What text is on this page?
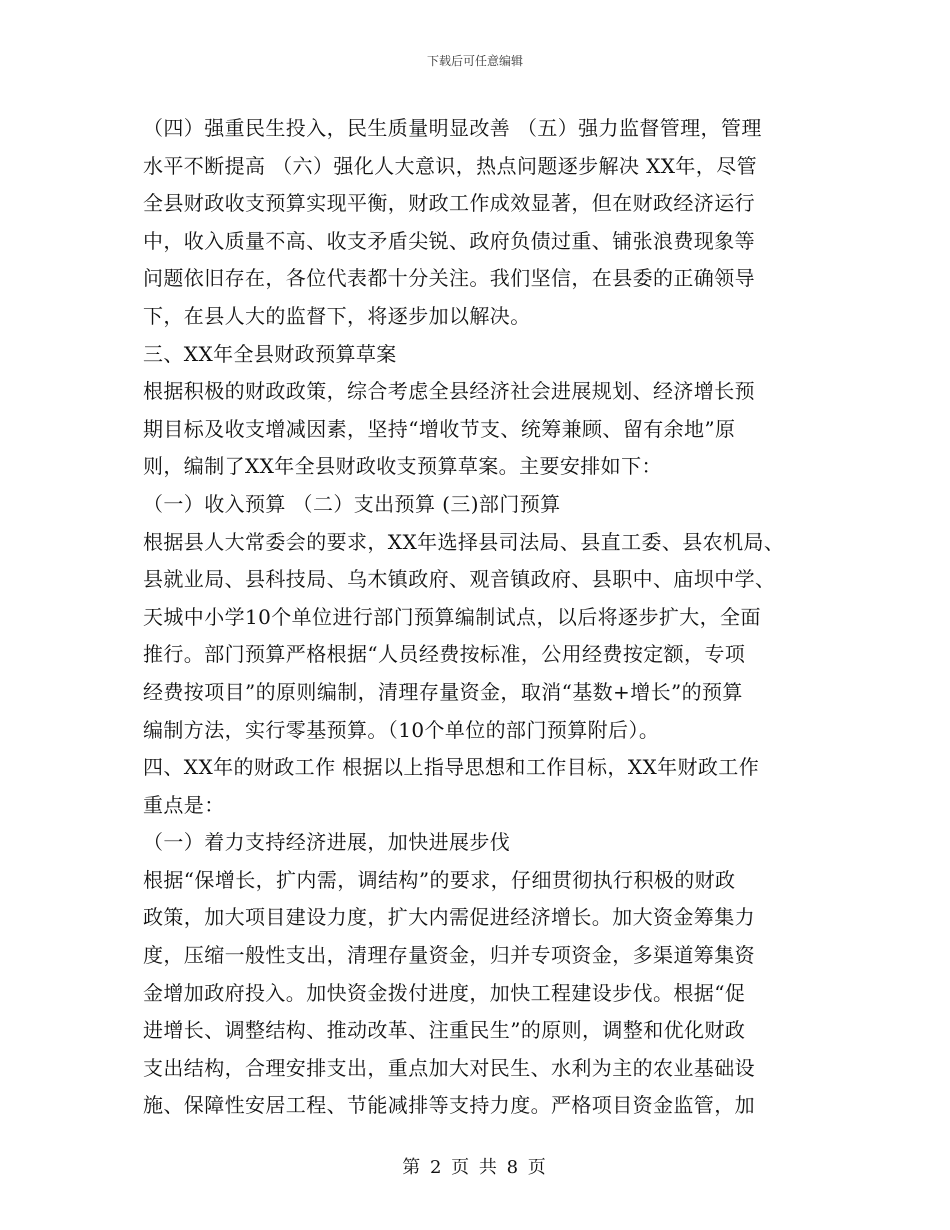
下载后可任意编辑
（四）强重民生投入，民生质量明显改善 （五）强力监督管理，管理
水平不断提高 （六）强化人大意识，热点问题逐步解决 XX年，尽管
全县财政收支预算实现平衡，财政工作成效显著，但在财政经济运行
中，收入质量不高、收支矛盾尖锐、政府负债过重、铺张浪费现象等
问题依旧存在，各位代表都十分关注。我们坚信，在县委的正确领导
下，在县人大的监督下，将逐步加以解决。
三、XX年全县财政预算草案
根据积极的财政政策，综合考虑全县经济社会进展规划、经济增长预
期目标及收支增减因素，坚持“增收节支、统筹兼顾、留有余地”原
则，编制了XX年全县财政收支预算草案。主要安排如下：
（一）收入预算 （二）支出预算 (三)部门预算
根据县人大常委会的要求，XX年选择县司法局、县直工委、县农机局、
县就业局、县科技局、乌木镇政府、观音镇政府、县职中、庙坝中学、
天城中小学10个单位进行部门预算编制试点，以后将逐步扩大，全面
推行。部门预算严格根据“人员经费按标准，公用经费按定额，专项
经费按项目”的原则编制，清理存量资金，取消“基数+增长”的预算
编制方法，实行零基预算。（10个单位的部门预算附后）。
四、XX年的财政工作 根据以上指导思想和工作目标，XX年财政工作
重点是：
（一）着力支持经济进展，加快进展步伐
根据“保增长，扩内需，调结构”的要求，仔细贯彻执行积极的财政
政策，加大项目建设力度，扩大内需促进经济增长。加大资金筹集力
度，压缩一般性支出，清理存量资金，归并专项资金，多渠道筹集资
金增加政府投入。加快资金拨付进度，加快工程建设步伐。根据“促
进增长、调整结构、推动改革、注重民生”的原则，调整和优化财政
支出结构，合理安排支出，重点加大对民生、水利为主的农业基础设
施、保障性安居工程、节能减排等支持力度。严格项目资金监管，加
第 2 页 共 8 页
